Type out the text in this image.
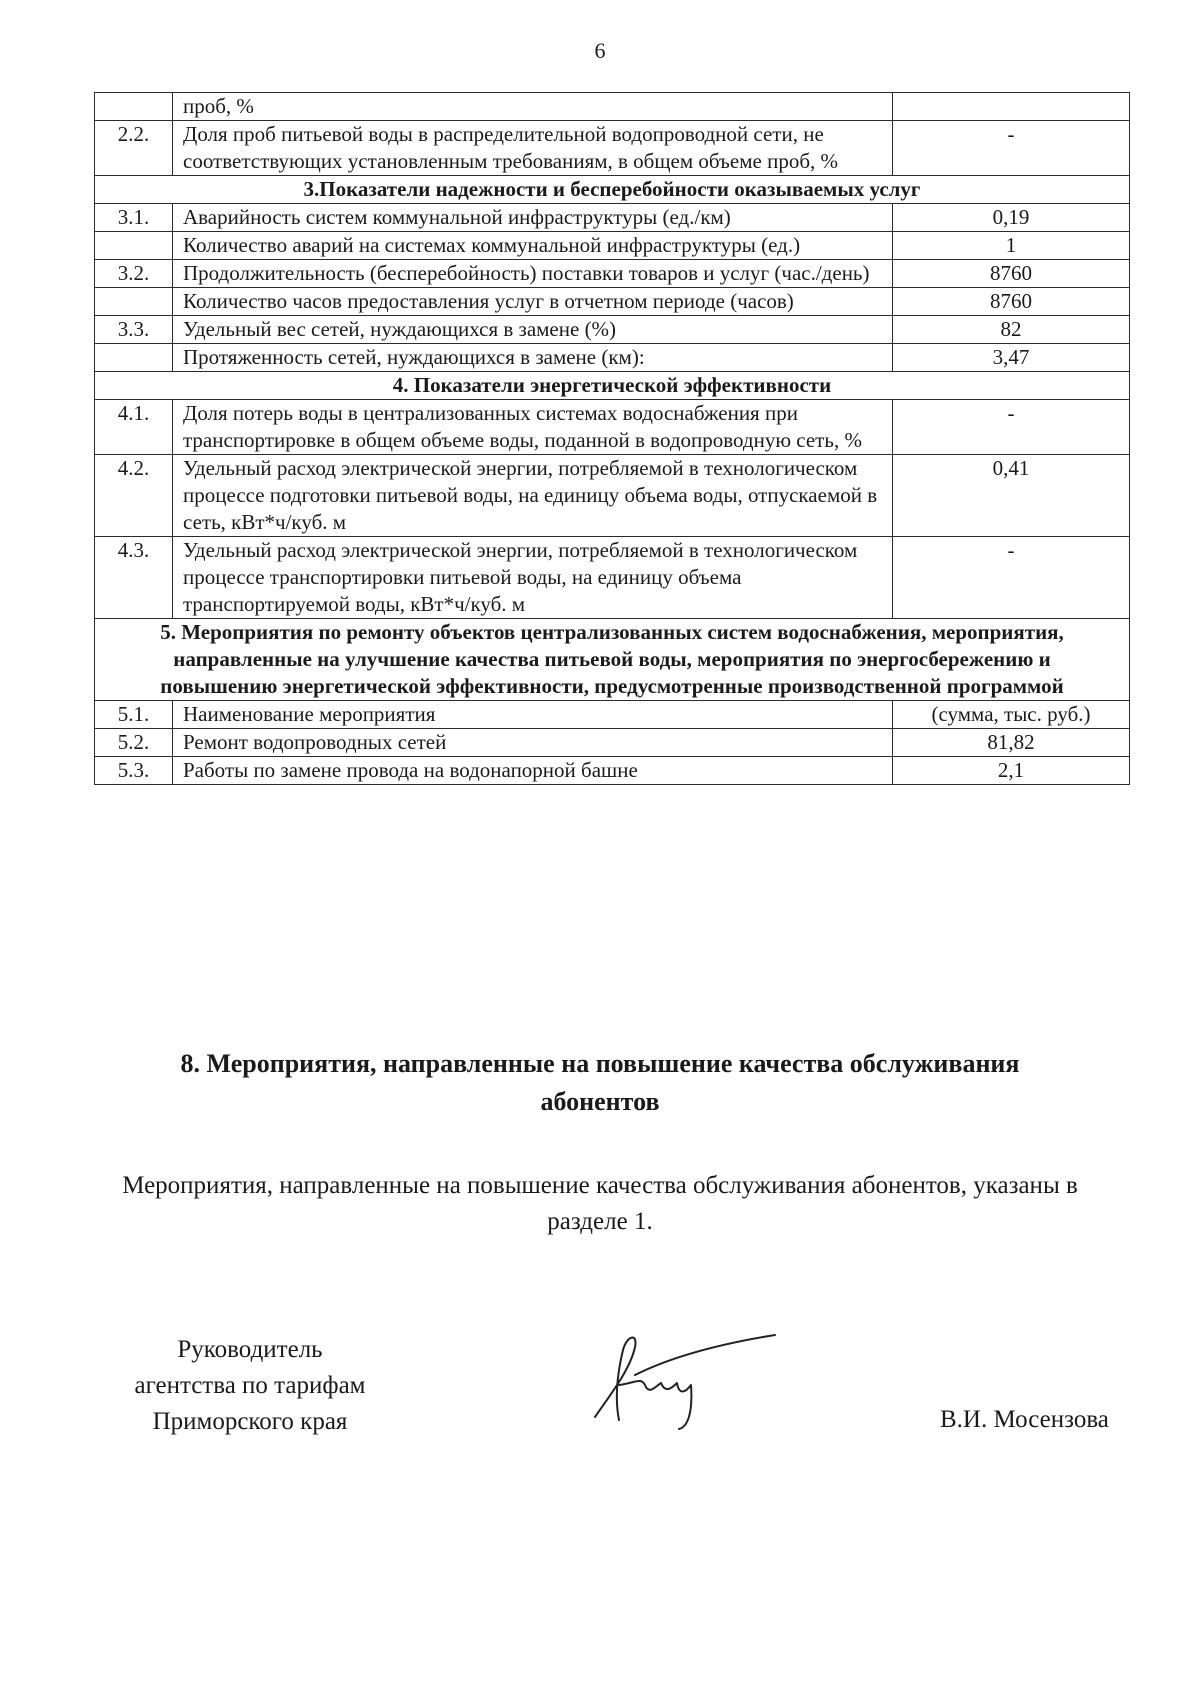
6
	проб, %	
2.2.	Доля проб питьевой воды в распределительной водопроводной сети, не соответствующих установленным требованиям, в общем объеме проб, %	-
3.Показатели надежности и бесперебойности оказываемых услуг		
3.1.	Аварийность систем коммунальной инфраструктуры (ед./км)	0,19
	Количество аварий на системах коммунальной инфраструктуры (ед.)	1
3.2.	Продолжительность (бесперебойность) поставки товаров и услуг (час./день)	8760
	Количество часов предоставления услуг в отчетном периоде (часов)	8760
3.3.	Удельный вес сетей, нуждающихся в замене (%)	82
	Протяженность сетей, нуждающихся в замене (км):	3,47
4. Показатели энергетической эффективности		
4.1.	Доля потерь воды в централизованных системах водоснабжения при транспортировке в общем объеме воды, поданной в водопроводную сеть, %	-
4.2.	Удельный расход электрической энергии, потребляемой в технологическом процессе подготовки питьевой воды, на единицу объема воды, отпускаемой в сеть, кВт*ч/куб. м	0,41
4.3.	Удельный расход электрической энергии, потребляемой в технологическом процессе транспортировки питьевой воды, на единицу объема транспортируемой воды, кВт*ч/куб. м	-
5. Мероприятия по ремонту объектов централизованных систем водоснабжения, мероприятия, направленные на улучшение качества питьевой воды, мероприятия по энергосбережению и повышению энергетической эффективности, предусмотренные производственной программой		
5.1.	Наименование мероприятия	(сумма, тыс. руб.)
5.2.	Ремонт водопроводных сетей	81,82
5.3.	Работы по замене провода на водонапорной башне	2,1
8. Мероприятия, направленные на повышение качества обслуживания абонентов
Мероприятия, направленные на повышение качества обслуживания абонентов, указаны в разделе 1.
Руководитель
агентства по тарифам
Приморского края	В.И. Мосензова
